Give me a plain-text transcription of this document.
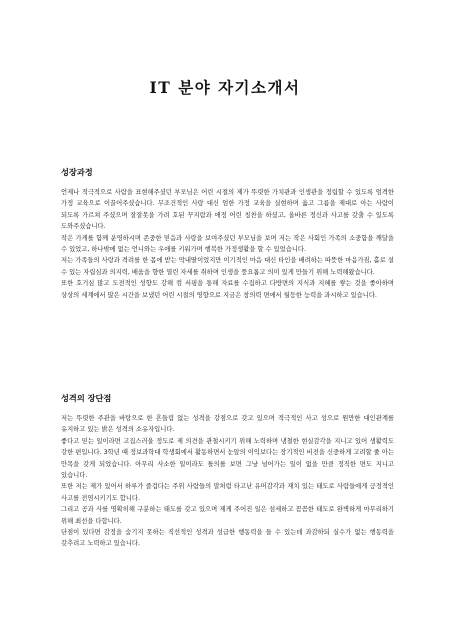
IT 분야 자기소개서
성장과정

언제나 적극적으로 사람을 표현해주셨던 부모님은 어린 시절의 제가 뚜렷한 가치관과 인생관을 정립할 수 있도록 엄격한 가정 교육으로 이끌어주셨습니다. 무조건적인 사랑 대신 엄한 가정 교육을 실현하며 옳고 그름을 제대로 아는 사람이 되도록 가르쳐 주셨으며 잘잘못을 가려 호된 꾸지람과 애정 어린 칭찬을 하셨고, 올바른 정신과 사고를 갖출 수 있도록 도와주셨습니다.

작은 가게를 함께 운영하시며 존중한 믿음과 사랑을 보여주셨던 부모님을 보며 저는 작은 사회인 가족의 소중함을 깨달을 수 있었고, 하나밖에 없는 언니와는 우애를 키워가며 행복한 가정생활을 할 수 있었습니다.

저는 가족들의 사랑과 격려를 한 몸에 받는 막내딸이었지만 이기적인 마음 대신 타인을 배려하는 따뜻한 마음가짐, 홀로 설 수 있는 자립심과 의지력, 배움을 향한 열린 자세를 취하며 인생을 풍요롭고 의미 있게 만들기 위해 노력해왔습니다.

또한 호기심 많고 도전적인 성향도 강해 컴 서핑을 통해 자료를 수집하고 다방면의 지식과 지혜를 쌓는 것을 좋아하며 상상의 세계에서 많은 시간을 보냈던 어린 시절의 영향으로 지금은 창의력 면에서 월등한 능력을 과시하고 있습니다.

성격의 장단점

저는 뚜렷한 주관을 바탕으로 한 흔들림 없는 성격을 강점으로 갖고 있으며 적극적인 사고 성으로 원만한 대인관계를 유지하고 있는 밝은 성격의 소유자입니다.

좋다고 믿는 일이라면 고집스러울 정도로 제 의견을 관철시키기 위해 노력하며 냉철한 현실감각을 지니고 있어 생활력도 강한 편입니다. 3학년 때 정보과학대 학생회에서 활동하면서 눈앞의 이익보다는 장기적인 비전을 신중하게 고려할 줄 아는 안목을 갖게 되었습니다. 아무리 사소한 일이라도 틀의를 보면 그냥 넘어가는 일이 없을 만큼 정직한 면도 지니고 있습니다.

또한 저는 제가 있어서 하루가 즐겁다는 주위 사람들의 말처럼 타고난 유머감각과 재치 있는 태도로 사람들에게 긍정적인 사고를 전염시키기도 합니다.

그리고 공과 사를 명확히해 구분하는 태도를 갖고 있으며 제게 주어진 일은 섬세하고 꼼꼼한 태도로 완벽하게 마무리하기 위해 최선을 다합니다.

단점이 있다면 감정을 숨기지 못하는 직선적인 성격과 성급한 행동력을 들 수 있는데 과감하되 실수가 없는 행동력을 갖추려고 노력하고 있습니다.
